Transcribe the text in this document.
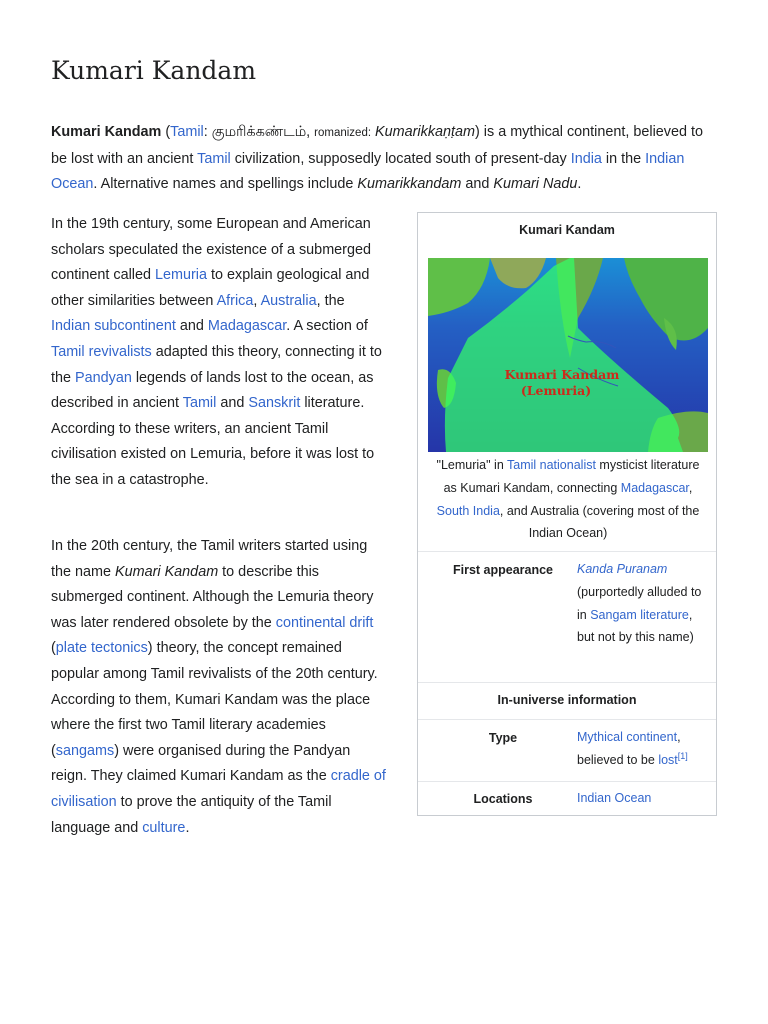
Kumari Kandam
Kumari Kandam (Tamil: குமரிக்கண்டம், romanized: Kumarikkaṇṭam) is a mythical continent, believed to be lost with an ancient Tamil civilization, supposedly located south of present-day India in the Indian Ocean. Alternative names and spellings include Kumarikkandam and Kumari Nadu.

In the 19th century, some European and American scholars speculated the existence of a submerged continent called Lemuria to explain geological and other similarities between Africa, Australia, the Indian subcontinent and Madagascar. A section of Tamil revivalists adapted this theory, connecting it to the Pandyan legends of lands lost to the ocean, as described in ancient Tamil and Sanskrit literature. According to these writers, an ancient Tamil civilisation existed on Lemuria, before it was lost to the sea in a catastrophe.

In the 20th century, the Tamil writers started using the name Kumari Kandam to describe this submerged continent. Although the Lemuria theory was later rendered obsolete by the continental drift (plate tectonics) theory, the concept remained popular among Tamil revivalists of the 20th century. According to them, Kumari Kandam was the place where the first two Tamil literary academies (sangams) were organised during the Pandyan reign. They claimed Kumari Kandam as the cradle of civilisation to prove the antiquity of the Tamil language and culture.

Kumari Kandam
Kumari Kandam
(Lemuria)
"Lemuria" in Tamil nationalist mysticist literature as Kumari Kandam, connecting Madagascar, South India, and Australia (covering most of the Indian Ocean)
First appearance	Kanda Puranam (purportedly alluded to in Sangam literature, but not by this name)
In-universe information
Type	Mythical continent, believed to be lost[1]
Locations	Indian Ocean
